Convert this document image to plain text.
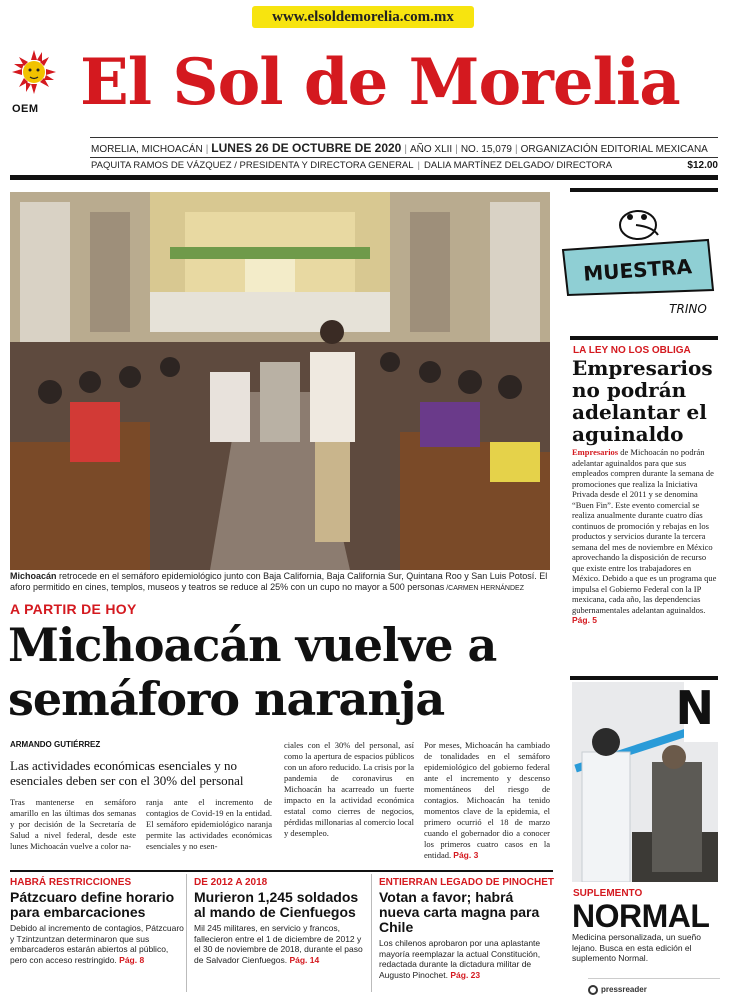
www.elsoldemorelia.com.mx
OEM El Sol de Morelia
MORELIA, MICHOACÁN | LUNES 26 DE OCTUBRE DE 2020 | AÑO XLII | NO. 15,079 | ORGANIZACIÓN EDITORIAL MEXICANA
PAQUITA RAMOS DE VÁZQUEZ / PRESIDENTA Y DIRECTORA GENERAL | DALIA MARTÍNEZ DELGADO/ DIRECTORA	$12.00
Michoacán retrocede en el semáforo epidemiológico junto con Baja California, Baja California Sur, Quintana Roo y San Luis Potosí. El aforo permitido en cines, templos, museos y teatros se reduce al 25% con un cupo no mayor a 500 personas /CARMEN HERNÁNDEZ
A PARTIR DE HOY
Michoacán vuelve a semáforo naranja
ARMANDO GUTIÉRREZ
Las actividades económicas esenciales y no esenciales deben ser con el 30% del personal
Tras mantenerse en semáforo amarillo en las últimas dos semanas y por decisión de la Secretaría de Salud a nivel federal, desde este lunes Michoacán vuelve a color na-
ranja ante el incremento de contagios de Covid-19 en la entidad. El semáforo epidemiológico naranja permite las actividades económicas esenciales y no esen-
ciales con el 30% del personal, así como la apertura de espacios públicos con un aforo reducido. La crisis por la pandemia de coronavirus en Michoacán ha acarreado un fuerte impacto en la actividad económica estatal como cierres de negocios, pérdidas millonarias al comercio local y desempleo.
Por meses, Michoacán ha cambiado de tonalidades en el semáforo epidemiológico del gobierno federal ante el incremento y descenso momentáneos del riesgo de contagios. Michoacán ha tenido momentos clave de la epidemia, el primero ocurrió el 18 de marzo cuando el gobernador dio a conocer los primeros cuatro casos en la entidad. Pág. 3
HABRÁ RESTRICCIONES
Pátzcuaro define horario para embarcaciones
Debido al incremento de contagios, Pátzcuaro y Tzintzuntzan determinaron que sus embarcaderos estarán abiertos al público, pero con acceso restringido. Pág. 8
DE 2012 A 2018
Murieron 1,245 soldados al mando de Cienfuegos
Mil 245 militares, en servicio y francos, fallecieron entre el 1 de diciembre de 2012 y el 30 de noviembre de 2018, durante el paso de Salvador Cienfuegos. Pág. 14
ENTIERRAN LEGADO DE PINOCHET
Votan a favor; habrá nueva carta magna para Chile
Los chilenos aprobaron por una aplastante mayoría reemplazar la actual Constitución, redactada durante la dictadura militar de Augusto Pinochet. Pág. 23
MUESTRA
TRINO
LA LEY NO LOS OBLIGA
Empresarios no podrán adelantar el aguinaldo
Empresarios de Michoacán no podrán adelantar aguinaldos para que sus empleados compren durante la semana de promociones que realiza la Iniciativa Privada desde el 2011 y se denomina “Buen Fin”. Este evento comercial se realiza anualmente durante cuatro días continuos de promoción y rebajas en los productos y servicios durante la tercera semana del mes de noviembre en México aprovechando la disposición de recurso que existe entre los trabajadores en México. Debido a que es un programa que impulsa el Gobierno Federal con la IP mexicana, cada año, las dependencias gubernamentales adelantan aguinaldos. Pág. 5
N
SUPLEMENTO
NORMAL
Medicina personalizada, un sueño lejano. Busca en esta edición el suplemento Normal.
pressreader
